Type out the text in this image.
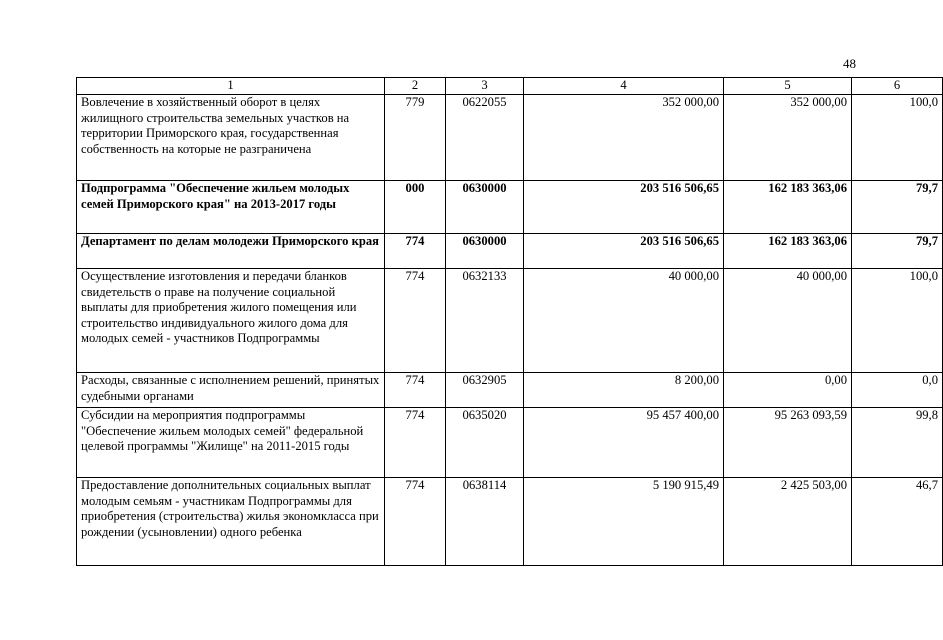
48
1	2	3	4	5	6
Вовлечение в хозяйственный оборот в целях жилищного строительства земельных участков на территории Приморского края, государственная собственность на которые не разграничена	779	0622055	352 000,00	352 000,00	100,0
Подпрограмма "Обеспечение жильем молодых семей Приморского края" на 2013-2017 годы	000	0630000	203 516 506,65	162 183 363,06	79,7
Департамент по делам молодежи Приморского края	774	0630000	203 516 506,65	162 183 363,06	79,7
Осуществление изготовления и передачи бланков свидетельств о праве на получение социальной выплаты для приобретения жилого помещения или строительство индивидуального жилого дома для молодых семей - участников Подпрограммы	774	0632133	40 000,00	40 000,00	100,0
Расходы, связанные с исполнением решений, принятых судебными органами	774	0632905	8 200,00	0,00	0,0
Субсидии на мероприятия подпрограммы "Обеспечение жильем молодых семей" федеральной целевой программы "Жилище" на 2011-2015 годы	774	0635020	95 457 400,00	95 263 093,59	99,8
Предоставление дополнительных социальных выплат молодым семьям - участникам Подпрограммы для приобретения (строительства) жилья экономкласса при рождении (усыновлении) одного ребенка	774	0638114	5 190 915,49	2 425 503,00	46,7
